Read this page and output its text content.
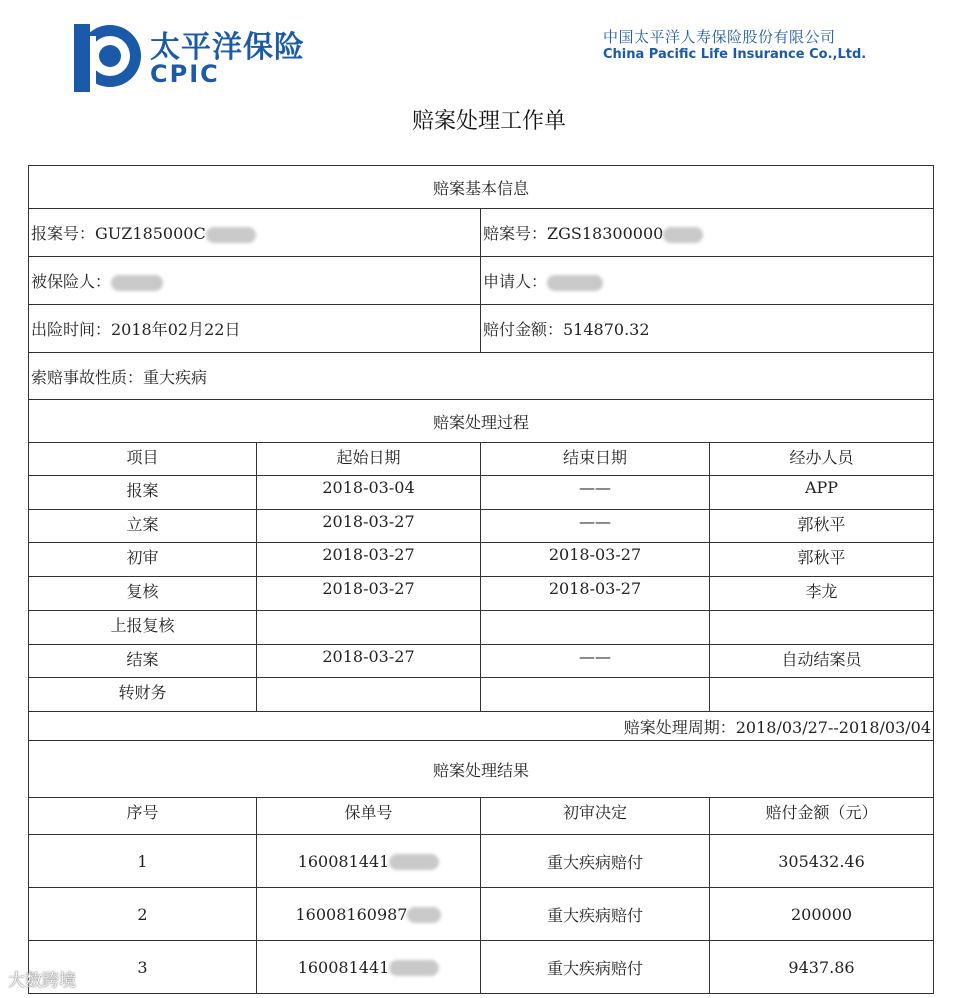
太平洋保险
CPIC
中国太平洋人寿保险股份有限公司
China Pacific Life Insurance Co.,Ltd.
赔案处理工作单
赔案基本信息			
报案号：GUZ185000C		赔案号：ZGS18300000	
被保险人：		申请人：	
出险时间：2018年02月22日		赔付金额：514870.32	
索赔事故性质：重大疾病			
赔案处理过程			
项目	起始日期	结束日期	经办人员
报案	2018-03-04	——	APP
立案	2018-03-27	——	郭秋平
初审	2018-03-27	2018-03-27	郭秋平
复核	2018-03-27	2018-03-27	李龙
上报复核			
结案	2018-03-27	——	自动结案员
转财务			
赔案处理周期：2018/03/27--2018/03/04			
赔案处理结果			
序号	保单号	初审决定	赔付金额（元）
1	160081441	重大疾病赔付	305432.46
2	16008160987	重大疾病赔付	200000
3	160081441	重大疾病赔付	9437.86
大数跨境
